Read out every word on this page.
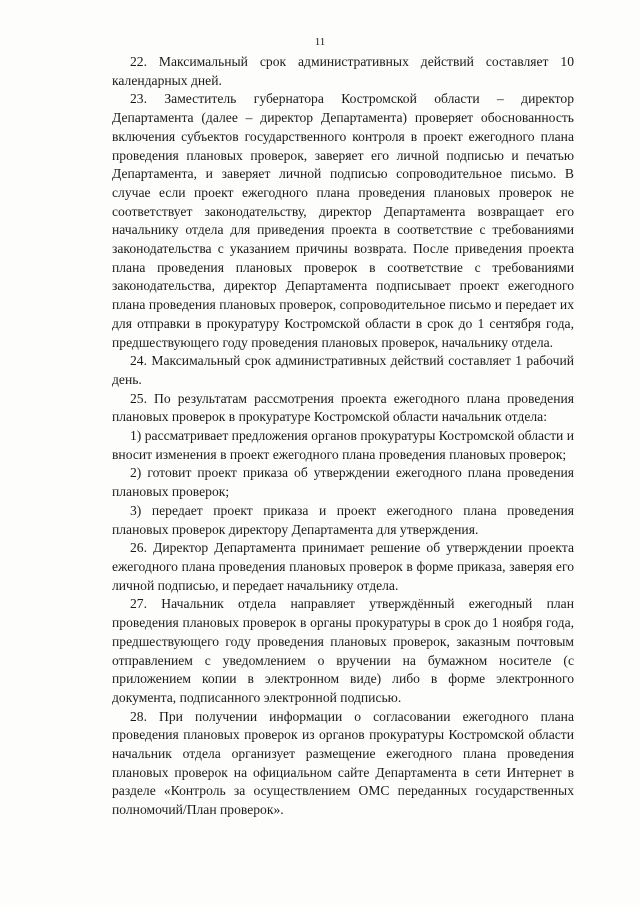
11

22. Максимальный срок административных действий составляет 10 календарных дней.

23. Заместитель губернатора Костромской области – директор Департамента (далее – директор Департамента) проверяет обоснованность включения субъектов государственного контроля в проект ежегодного плана проведения плановых проверок, заверяет его личной подписью и печатью Департамента, и заверяет личной подписью сопроводительное письмо. В случае если проект ежегодного плана проведения плановых проверок не соответствует законодательству, директор Департамента возвращает его начальнику отдела для приведения проекта в соответствие с требованиями законодательства с указанием причины возврата. После приведения проекта плана проведения плановых проверок в соответствие с требованиями законодательства, директор Департамента подписывает проект ежегодного плана проведения плановых проверок, сопроводительное письмо и передает их для отправки в прокуратуру Костромской области в срок до 1 сентября года, предшествующего году проведения плановых проверок, начальнику отдела.

24. Максимальный срок административных действий составляет 1 рабочий день.

25. По результатам рассмотрения проекта ежегодного плана проведения плановых проверок в прокуратуре Костромской области начальник отдела:

1) рассматривает предложения органов прокуратуры Костромской области и вносит изменения в проект ежегодного плана проведения плановых проверок;

2) готовит проект приказа об утверждении ежегодного плана проведения плановых проверок;

3) передает проект приказа и проект ежегодного плана проведения плановых проверок директору Департамента для утверждения.

26. Директор Департамента принимает решение об утверждении проекта ежегодного плана проведения плановых проверок в форме приказа, заверяя его личной подписью, и передает начальнику отдела.

27. Начальник отдела направляет утверждённый ежегодный план проведения плановых проверок в органы прокуратуры в срок до 1 ноября года, предшествующего году проведения плановых проверок, заказным почтовым отправлением с уведомлением о вручении на бумажном носителе (с приложением копии в электронном виде) либо в форме электронного документа, подписанного электронной подписью.

28. При получении информации о согласовании ежегодного плана проведения плановых проверок из органов прокуратуры Костромской области начальник отдела организует размещение ежегодного плана проведения плановых проверок на официальном сайте Департамента в сети Интернет в разделе «Контроль за осуществлением ОМС переданных государственных полномочий/План проверок».
